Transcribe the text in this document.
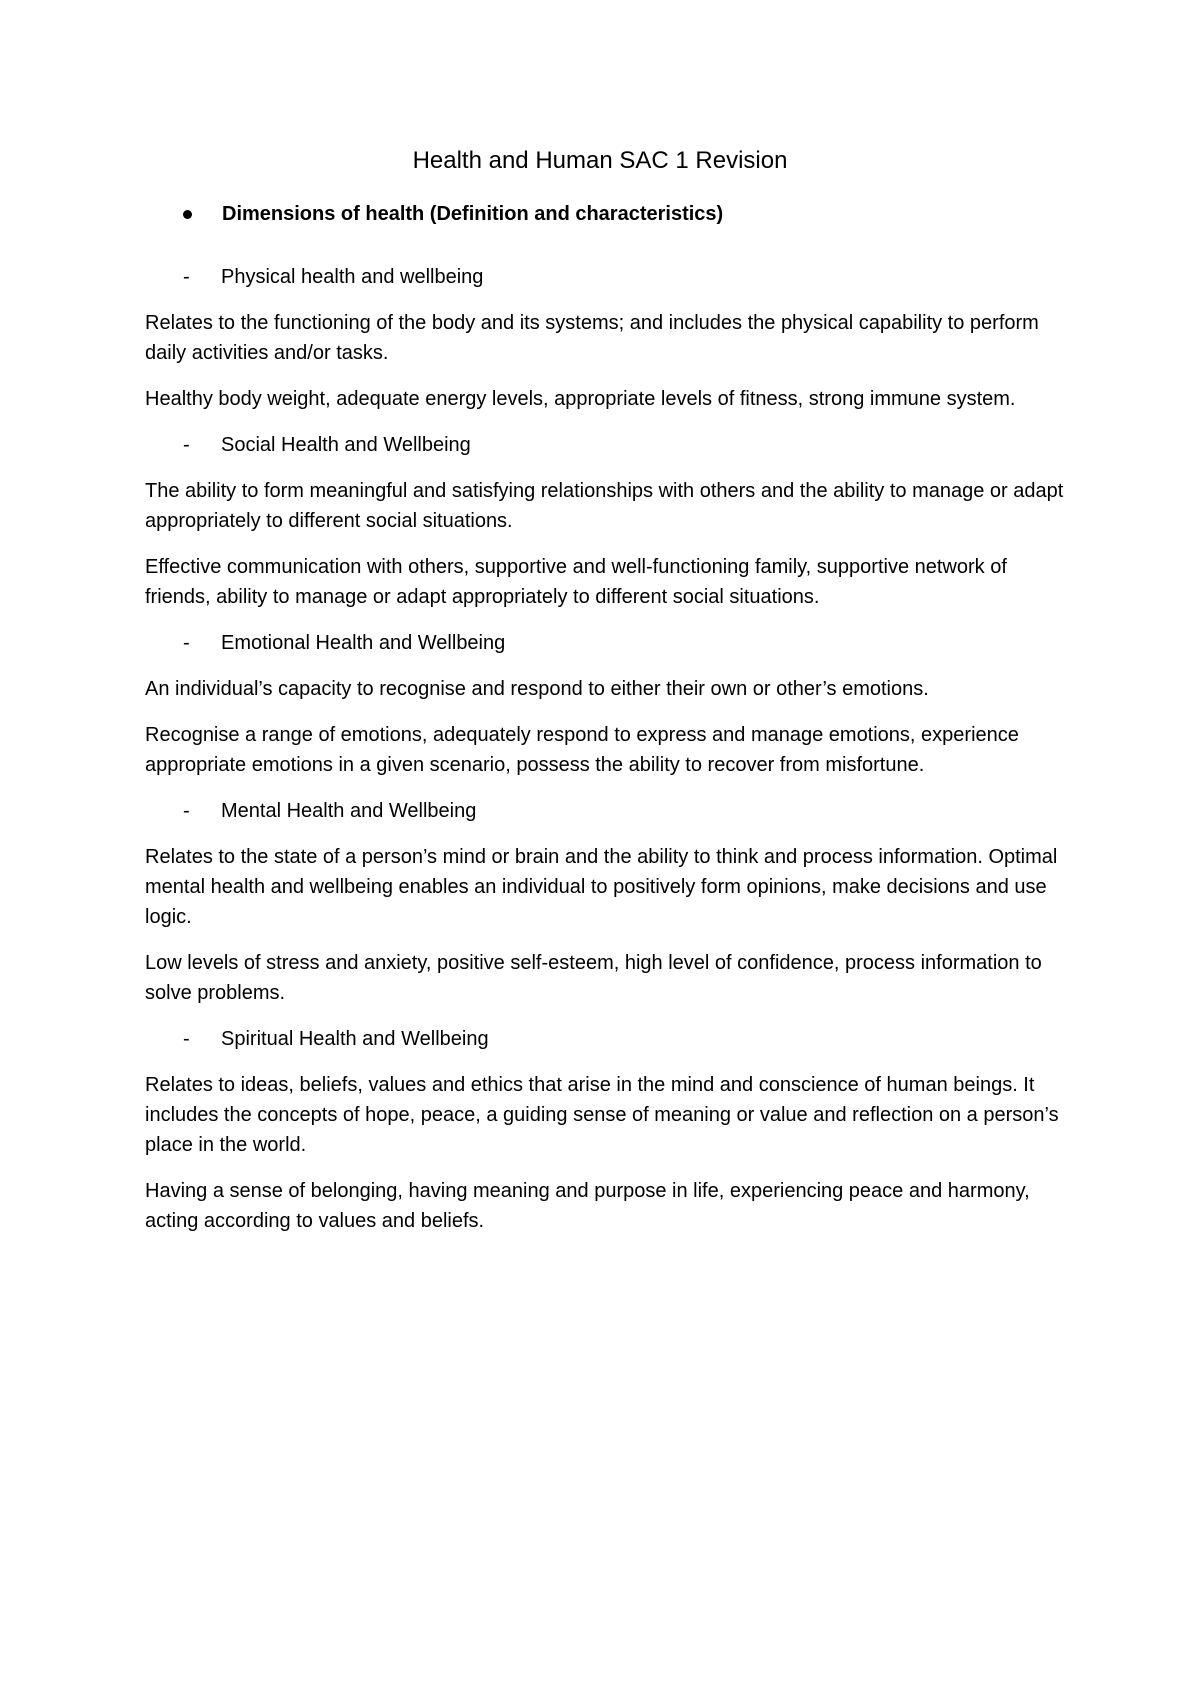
Health and Human SAC 1 Revision
Dimensions of health (Definition and characteristics)
-	Physical health and wellbeing

Relates to the functioning of the body and its systems; and includes the physical capability to perform daily activities and/or tasks.

Healthy body weight, adequate energy levels, appropriate levels of fitness, strong immune system.

-	Social Health and Wellbeing

The ability to form meaningful and satisfying relationships with others and the ability to manage or adapt appropriately to different social situations.

Effective communication with others, supportive and well-functioning family, supportive network of friends, ability to manage or adapt appropriately to different social situations.

-	Emotional Health and Wellbeing

An individual’s capacity to recognise and respond to either their own or other’s emotions.

Recognise a range of emotions, adequately respond to express and manage emotions, experience appropriate emotions in a given scenario, possess the ability to recover from misfortune.

-	Mental Health and Wellbeing

Relates to the state of a person’s mind or brain and the ability to think and process information. Optimal mental health and wellbeing enables an individual to positively form opinions, make decisions and use logic.

Low levels of stress and anxiety, positive self-esteem, high level of confidence, process information to solve problems.

-	Spiritual Health and Wellbeing

Relates to ideas, beliefs, values and ethics that arise in the mind and conscience of human beings. It includes the concepts of hope, peace, a guiding sense of meaning or value and reflection on a person’s place in the world.

Having a sense of belonging, having meaning and purpose in life, experiencing peace and harmony, acting according to values and beliefs.
